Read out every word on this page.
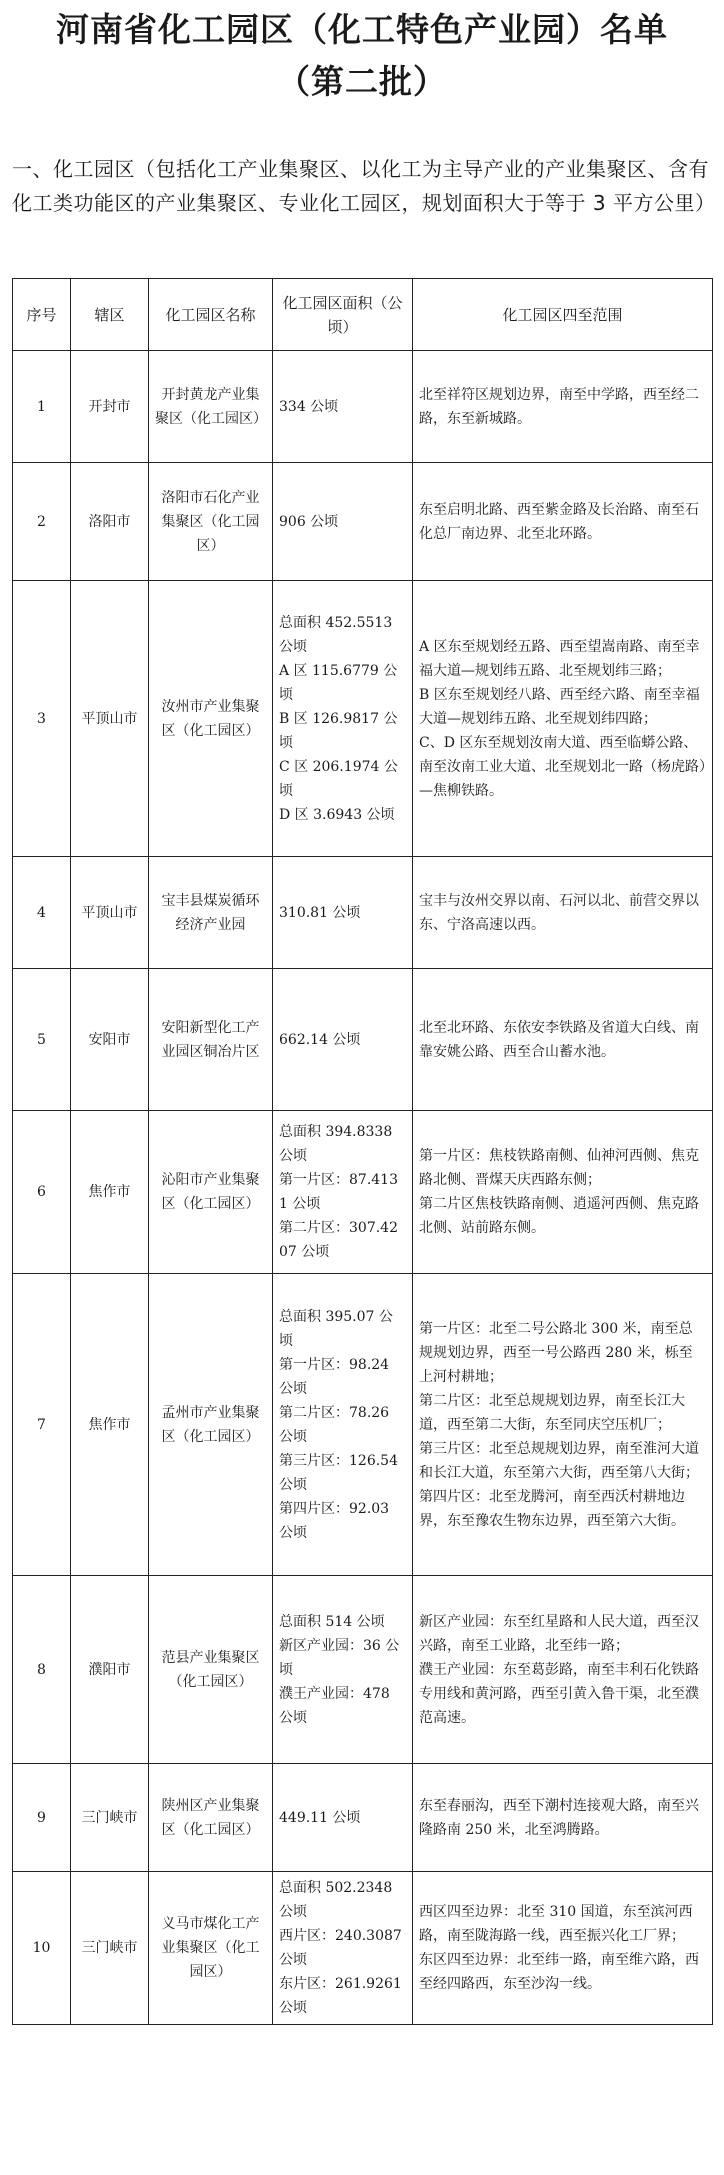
河南省化工园区（化工特色产业园）名单
（第二批）
一、化工园区（包括化工产业集聚区、以化工为主导产业的产业集聚区、含有化工类功能区的产业集聚区、专业化工园区，规划面积大于等于 3 平方公里）
序号	辖区	化工园区名称	化工园区面积（公顷）	化工园区四至范围
1	开封市	开封黄龙产业集聚区（化工园区）	334 公顷	北至祥符区规划边界，南至中学路，西至经二路，东至新城路。
2	洛阳市	洛阳市石化产业集聚区（化工园区）	906 公顷	东至启明北路、西至紫金路及长治路、南至石化总厂南边界、北至北环路。
3	平顶山市	汝州市产业集聚区（化工园区）	总面积 452.5513 公顷
A 区 115.6779 公顷
B 区 126.9817 公顷
C 区 206.1974 公顷
D 区 3.6943 公顷	A 区东至规划经五路、西至望嵩南路、南至幸福大道—规划纬五路、北至规划纬三路；
B 区东至规划经八路、西至经六路、南至幸福大道—规划纬五路、北至规划纬四路；
C、D 区东至规划汝南大道、西至临蟒公路、南至汝南工业大道、北至规划北一路（杨虎路）—焦柳铁路。
4	平顶山市	宝丰县煤炭循环经济产业园	310.81 公顷	宝丰与汝州交界以南、石河以北、前营交界以东、宁洛高速以西。
5	安阳市	安阳新型化工产业园区铜冶片区	662.14 公顷	北至北环路、东依安李铁路及省道大白线、南靠安姚公路、西至合山蓄水池。
6	焦作市	沁阳市产业集聚区（化工园区）	总面积 394.8338 公顷
第一片区：87.4131 公顷
第二片区：307.4207 公顷	第一片区：焦枝铁路南侧、仙神河西侧、焦克路北侧、晋煤天庆西路东侧；
第二片区焦枝铁路南侧、逍遥河西侧、焦克路北侧、站前路东侧。
7	焦作市	孟州市产业集聚区（化工园区）	总面积 395.07 公顷
第一片区：98.24 公顷
第二片区：78.26 公顷
第三片区：126.54 公顷
第四片区：92.03 公顷	第一片区：北至二号公路北 300 米，南至总规规划边界，西至一号公路西 280 米，栎至上河村耕地；
第二片区：北至总规规划边界，南至长江大道，西至第二大街，东至同庆空压机厂；
第三片区：北至总规规划边界，南至淮河大道和长江大道，东至第六大街，西至第八大街；
第四片区：北至龙腾河，南至西沃村耕地边界，东至豫农生物东边界，西至第六大街。
8	濮阳市	范县产业集聚区（化工园区）	总面积 514 公顷
新区产业园：36 公顷
濮王产业园：478 公顷	新区产业园：东至红星路和人民大道，西至汉兴路，南至工业路，北至纬一路；
濮王产业园：东至葛彭路，南至丰利石化铁路专用线和黄河路，西至引黄入鲁干渠，北至濮范高速。
9	三门峡市	陕州区产业集聚区（化工园区）	449.11 公顷	东至春丽沟，西至下潮村连接观大路，南至兴隆路南 250 米，北至鸿腾路。
10	三门峡市	义马市煤化工产业集聚区（化工园区）	总面积 502.2348 公顷
西片区：240.3087 公顷
东片区：261.9261 公顷	西区四至边界：北至 310 国道，东至滨河西路，南至陇海路一线，西至振兴化工厂界；
东区四至边界：北至纬一路，南至维六路，西至经四路西，东至沙沟一线。
